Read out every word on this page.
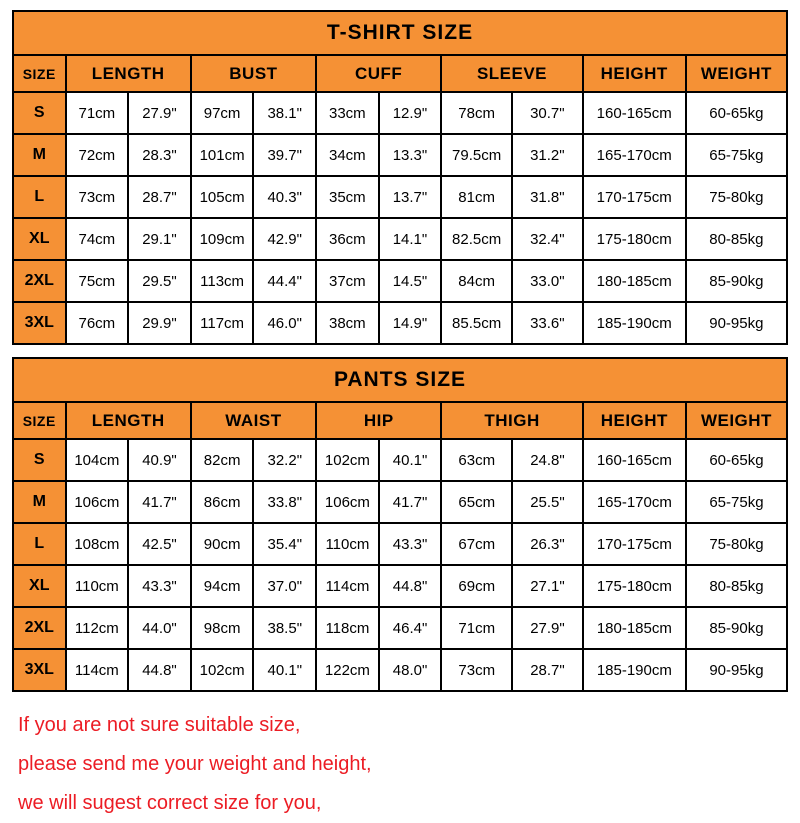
T-SHIRT SIZE										
SIZE	LENGTH		BUST		CUFF		SLEEVE		HEIGHT	WEIGHT
S	71cm	27.9"	97cm	38.1"	33cm	12.9"	78cm	30.7"	160-165cm	60-65kg
M	72cm	28.3"	101cm	39.7"	34cm	13.3"	79.5cm	31.2"	165-170cm	65-75kg
L	73cm	28.7"	105cm	40.3"	35cm	13.7"	81cm	31.8"	170-175cm	75-80kg
XL	74cm	29.1"	109cm	42.9"	36cm	14.1"	82.5cm	32.4"	175-180cm	80-85kg
2XL	75cm	29.5"	113cm	44.4"	37cm	14.5"	84cm	33.0"	180-185cm	85-90kg
3XL	76cm	29.9"	117cm	46.0"	38cm	14.9"	85.5cm	33.6"	185-190cm	90-95kg
PANTS SIZE										
SIZE	LENGTH		WAIST		HIP		THIGH		HEIGHT	WEIGHT
S	104cm	40.9"	82cm	32.2"	102cm	40.1"	63cm	24.8"	160-165cm	60-65kg
M	106cm	41.7"	86cm	33.8"	106cm	41.7"	65cm	25.5"	165-170cm	65-75kg
L	108cm	42.5"	90cm	35.4"	110cm	43.3"	67cm	26.3"	170-175cm	75-80kg
XL	110cm	43.3"	94cm	37.0"	114cm	44.8"	69cm	27.1"	175-180cm	80-85kg
2XL	112cm	44.0"	98cm	38.5"	118cm	46.4"	71cm	27.9"	180-185cm	85-90kg
3XL	114cm	44.8"	102cm	40.1"	122cm	48.0"	73cm	28.7"	185-190cm	90-95kg
If you are not sure suitable size,
please send me your weight and height,
we will sugest correct size for you,
